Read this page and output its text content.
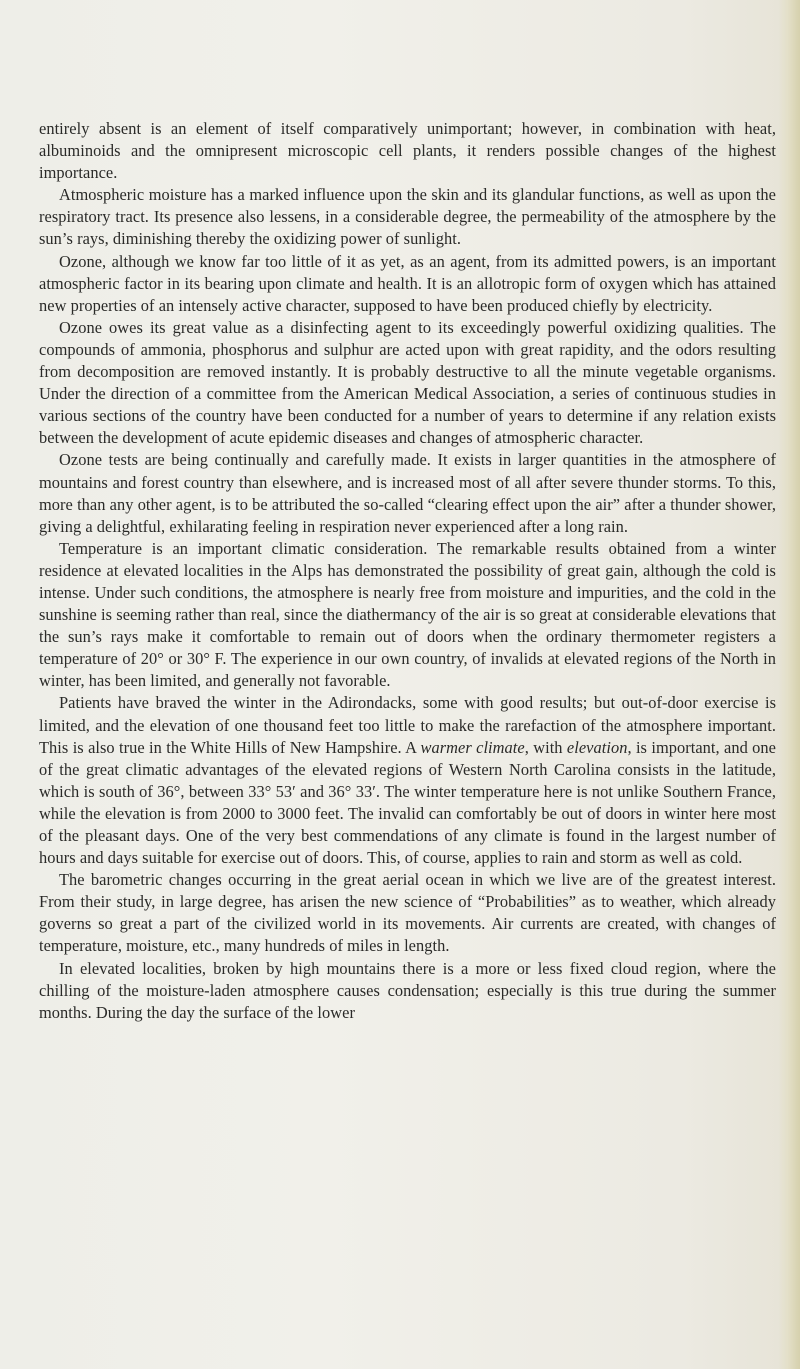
entirely absent is an element of itself comparatively unimportant; however, in combination with heat, albuminoids and the omnipresent microscopic cell plants, it renders possible changes of the highest importance.

Atmospheric moisture has a marked influence upon the skin and its glandular functions, as well as upon the respiratory tract. Its presence also lessens, in a considerable degree, the permeability of the atmosphere by the sun’s rays, diminishing thereby the oxidizing power of sunlight.

Ozone, although we know far too little of it as yet, as an agent, from its admitted powers, is an important atmospheric factor in its bearing upon climate and health. It is an allotropic form of oxygen which has attained new properties of an intensely active character, supposed to have been produced chiefly by electricity.

Ozone owes its great value as a disinfecting agent to its exceedingly powerful oxidizing qualities. The compounds of ammonia, phosphorus and sulphur are acted upon with great rapidity, and the odors resulting from decomposition are removed instantly. It is probably destructive to all the minute vegetable organisms. Under the direction of a committee from the American Medical Association, a series of continuous studies in various sections of the country have been conducted for a number of years to determine if any relation exists between the development of acute epidemic diseases and changes of atmospheric character.

Ozone tests are being continually and carefully made. It exists in larger quantities in the atmosphere of mountains and forest country than elsewhere, and is increased most of all after severe thunder storms. To this, more than any other agent, is to be attributed the so-called “clearing effect upon the air” after a thunder shower, giving a delightful, exhilarating feeling in respiration never experienced after a long rain.

Temperature is an important climatic consideration. The remarkable results obtained from a winter residence at elevated localities in the Alps has demonstrated the possibility of great gain, although the cold is intense. Under such conditions, the atmosphere is nearly free from moisture and impurities, and the cold in the sunshine is seeming rather than real, since the diathermancy of the air is so great at considerable elevations that the sun’s rays make it comfortable to remain out of doors when the ordinary thermometer registers a temperature of 20° or 30° F. The experience in our own country, of invalids at elevated regions of the North in winter, has been limited, and generally not favorable.

Patients have braved the winter in the Adirondacks, some with good results; but out-of-door exercise is limited, and the elevation of one thousand feet too little to make the rarefaction of the atmosphere important. This is also true in the White Hills of New Hampshire. A warmer climate, with elevation, is important, and one of the great climatic advantages of the elevated regions of Western North Carolina consists in the latitude, which is south of 36°, between 33° 53′ and 36° 33′. The winter temperature here is not unlike Southern France, while the elevation is from 2000 to 3000 feet. The invalid can comfortably be out of doors in winter here most of the pleasant days. One of the very best commendations of any climate is found in the largest number of hours and days suitable for exercise out of doors. This, of course, applies to rain and storm as well as cold.

The barometric changes occurring in the great aerial ocean in which we live are of the greatest interest. From their study, in large degree, has arisen the new science of “Probabilities” as to weather, which already governs so great a part of the civilized world in its movements. Air currents are created, with changes of temperature, moisture, etc., many hundreds of miles in length.

In elevated localities, broken by high mountains there is a more or less fixed cloud region, where the chilling of the moisture-laden atmosphere causes condensation; especially is this true during the summer months. During the day the surface of the lower
